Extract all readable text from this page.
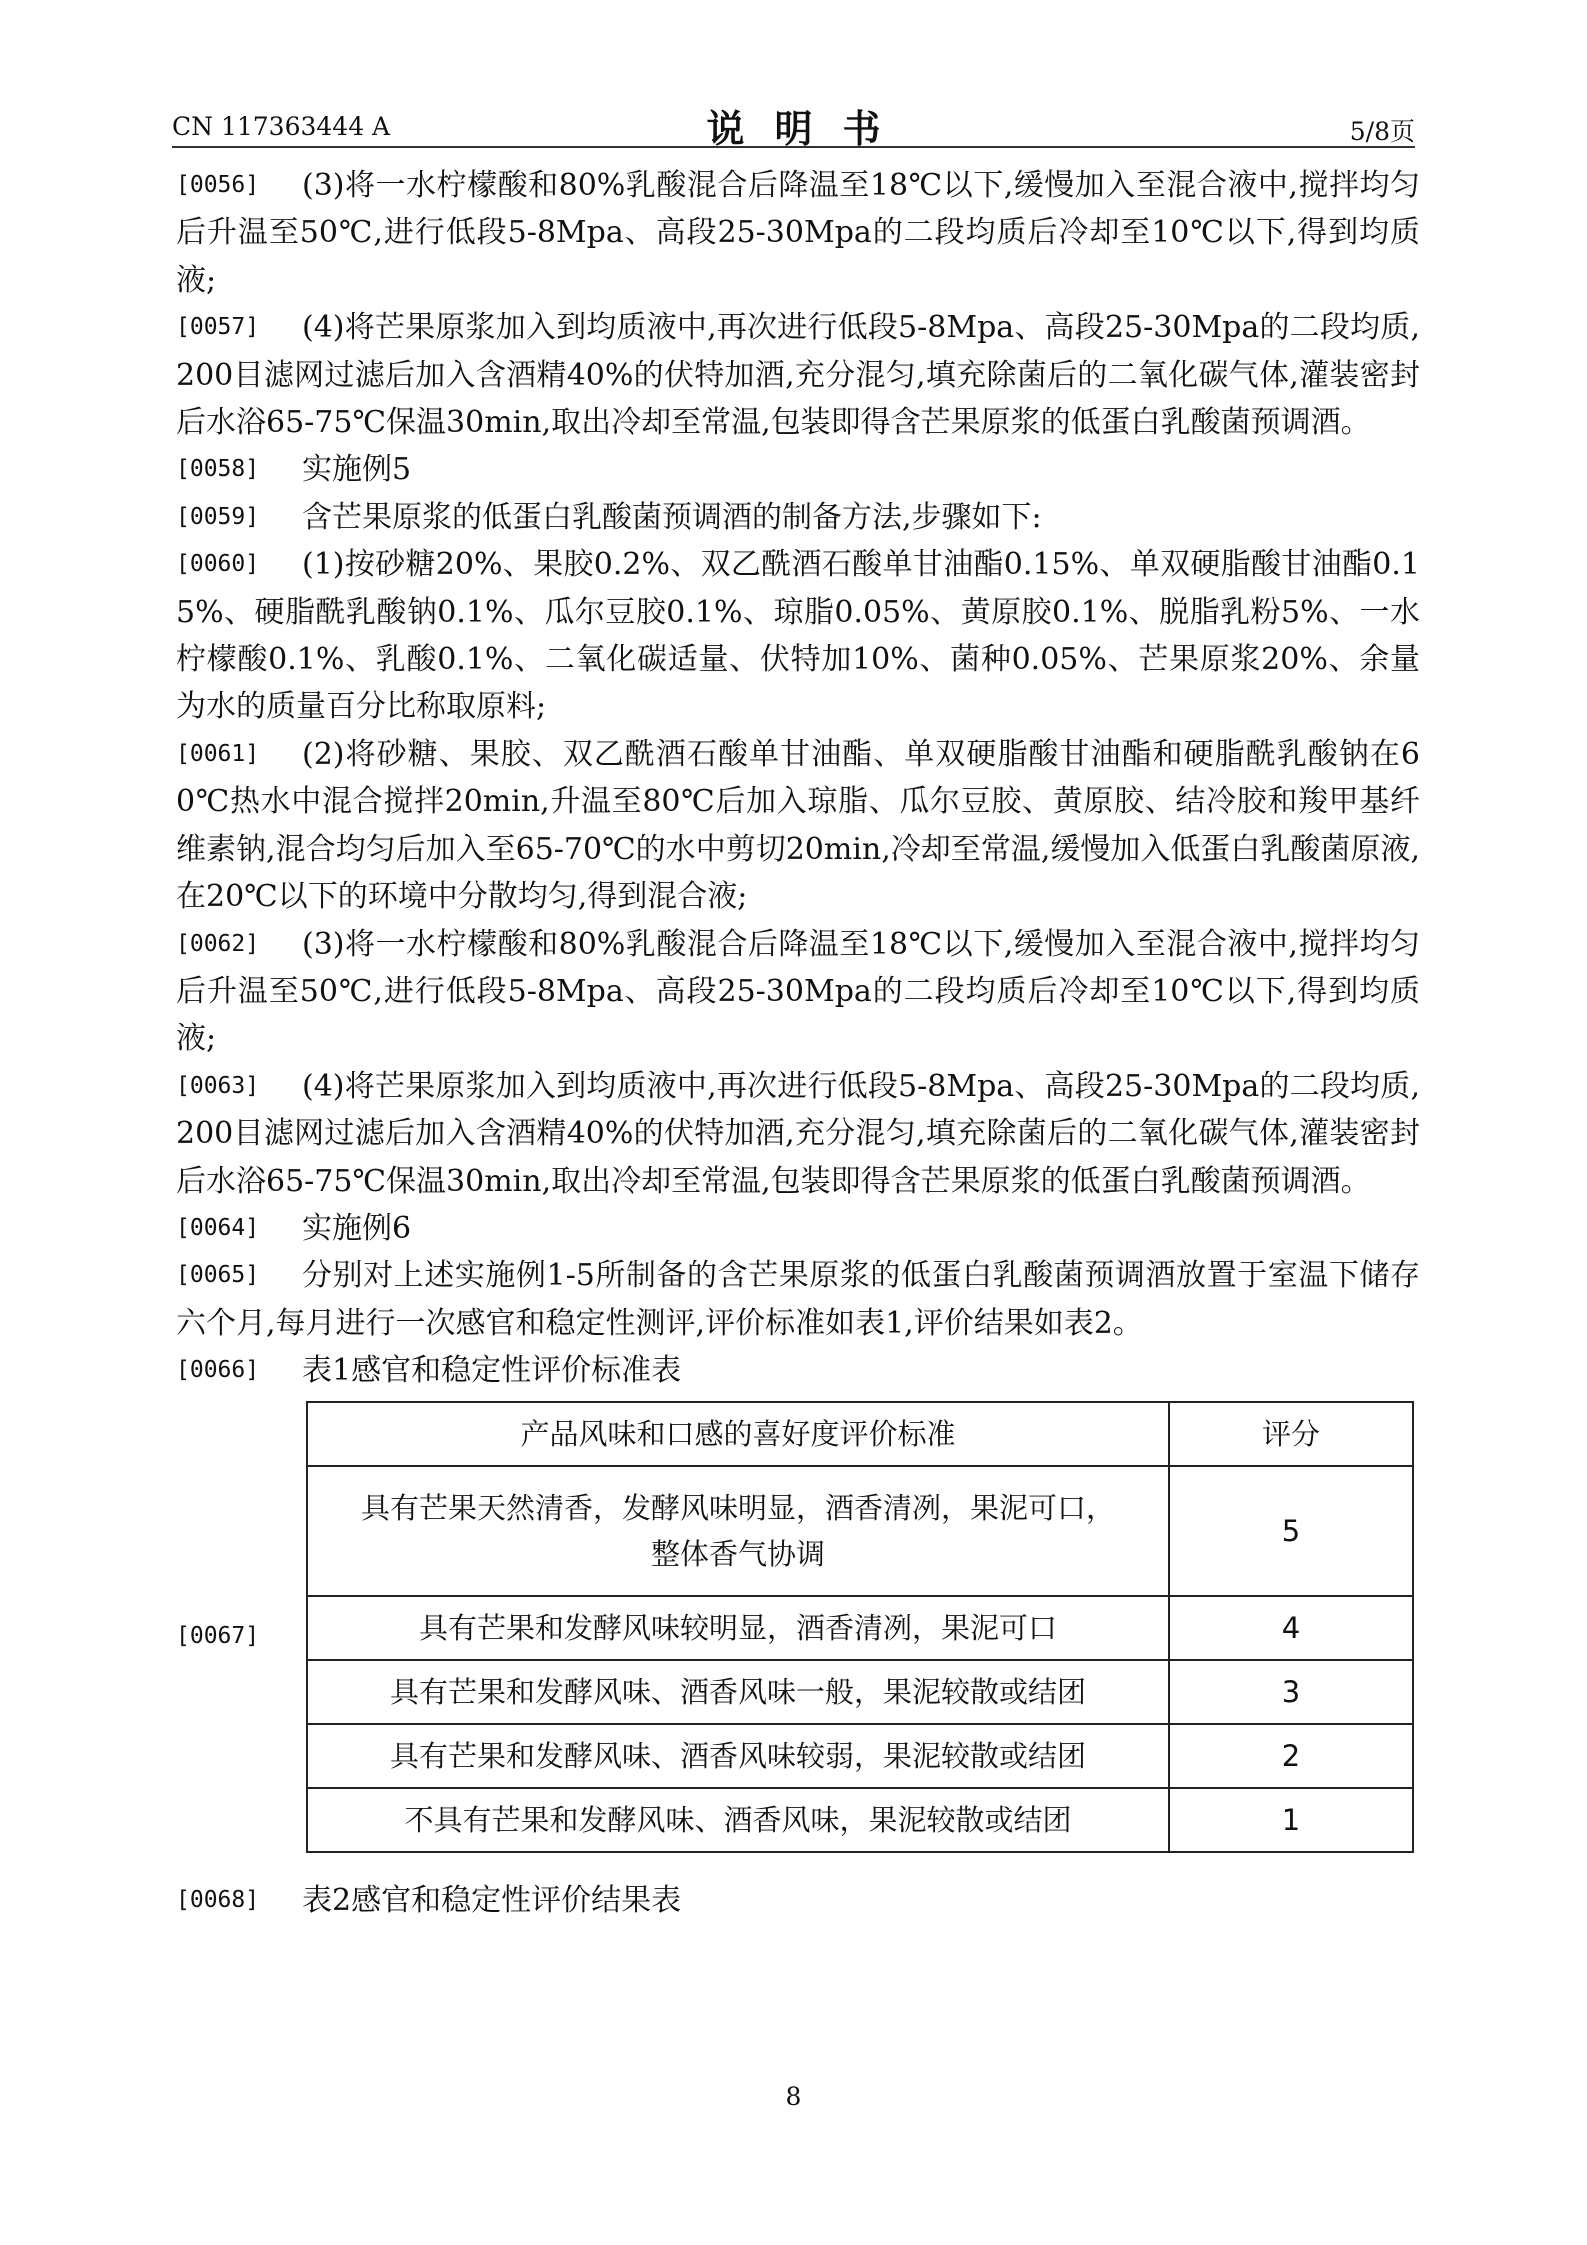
CN 117363444 A	说明书	5/8页
[0056]	(3)将一水柠檬酸和80%乳酸混合后降温至18℃以下,缓慢加入至混合液中,搅拌均匀后升温至50℃,进行低段5-8Mpa、高段25-30Mpa的二段均质后冷却至10℃以下,得到均质液;
[0057]	(4)将芒果原浆加入到均质液中,再次进行低段5-8Mpa、高段25-30Mpa的二段均质,200目滤网过滤后加入含酒精40%的伏特加酒,充分混匀,填充除菌后的二氧化碳气体,灌装密封后水浴65-75℃保温30min,取出冷却至常温,包装即得含芒果原浆的低蛋白乳酸菌预调酒。
[0058]	实施例5
[0059]	含芒果原浆的低蛋白乳酸菌预调酒的制备方法,步骤如下:
[0060]	(1)按砂糖20%、果胶0.2%、双乙酰酒石酸单甘油酯0.15%、单双硬脂酸甘油酯0.15%、硬脂酰乳酸钠0.1%、瓜尔豆胶0.1%、琼脂0.05%、黄原胶0.1%、脱脂乳粉5%、一水柠檬酸0.1%、乳酸0.1%、二氧化碳适量、伏特加10%、菌种0.05%、芒果原浆20%、余量为水的质量百分比称取原料;
[0061]	(2)将砂糖、果胶、双乙酰酒石酸单甘油酯、单双硬脂酸甘油酯和硬脂酰乳酸钠在60℃热水中混合搅拌20min,升温至80℃后加入琼脂、瓜尔豆胶、黄原胶、结冷胶和羧甲基纤维素钠,混合均匀后加入至65-70℃的水中剪切20min,冷却至常温,缓慢加入低蛋白乳酸菌原液,在20℃以下的环境中分散均匀,得到混合液;
[0062]	(3)将一水柠檬酸和80%乳酸混合后降温至18℃以下,缓慢加入至混合液中,搅拌均匀后升温至50℃,进行低段5-8Mpa、高段25-30Mpa的二段均质后冷却至10℃以下,得到均质液;
[0063]	(4)将芒果原浆加入到均质液中,再次进行低段5-8Mpa、高段25-30Mpa的二段均质,200目滤网过滤后加入含酒精40%的伏特加酒,充分混匀,填充除菌后的二氧化碳气体,灌装密封后水浴65-75℃保温30min,取出冷却至常温,包装即得含芒果原浆的低蛋白乳酸菌预调酒。
[0064]	实施例6
[0065]	分别对上述实施例1-5所制备的含芒果原浆的低蛋白乳酸菌预调酒放置于室温下储存六个月,每月进行一次感官和稳定性测评,评价标准如表1,评价结果如表2。
[0066]	表1感官和稳定性评价标准表
[0067]
产品风味和口感的喜好度评价标准	评分

具有芒果天然清香，发酵风味明显，酒香清冽，果泥可口，
整体香气协调	5
具有芒果和发酵风味较明显，酒香清冽，果泥可口	4
具有芒果和发酵风味、酒香风味一般，果泥较散或结团	3
具有芒果和发酵风味、酒香风味较弱，果泥较散或结团	2
不具有芒果和发酵风味、酒香风味，果泥较散或结团	1
[0068]	表2感官和稳定性评价结果表
8
